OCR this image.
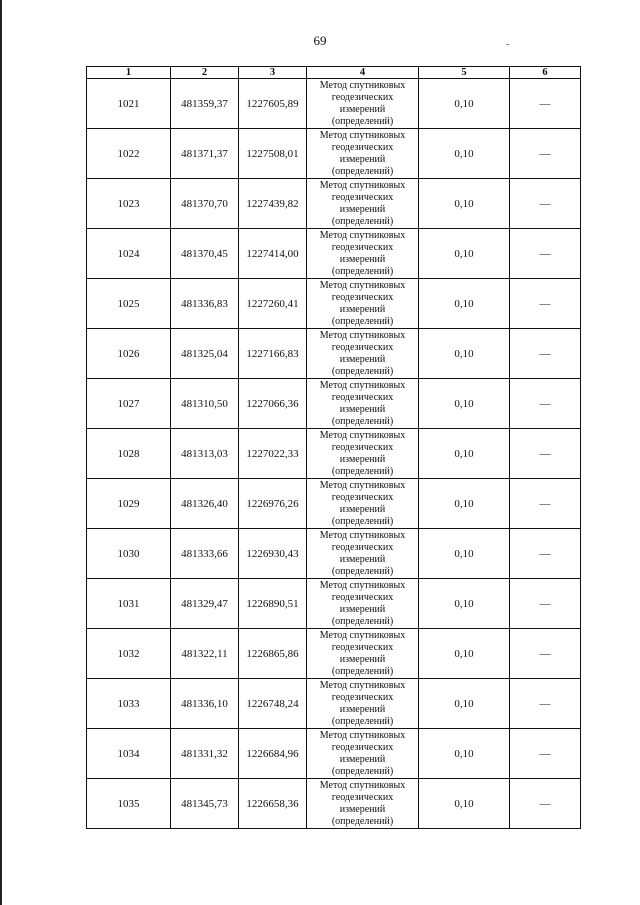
69
1	2	3	4	5	6
1021	481359,37	1227605,89	Метод спутниковых
геодезических
измерений
(определений)	0,10	—
1022	481371,37	1227508,01	Метод спутниковых
геодезических
измерений
(определений)	0,10	—
1023	481370,70	1227439,82	Метод спутниковых
геодезических
измерений
(определений)	0,10	—
1024	481370,45	1227414,00	Метод спутниковых
геодезических
измерений
(определений)	0,10	—
1025	481336,83	1227260,41	Метод спутниковых
геодезических
измерений
(определений)	0,10	—
1026	481325,04	1227166,83	Метод спутниковых
геодезических
измерений
(определений)	0,10	—
1027	481310,50	1227066,36	Метод спутниковых
геодезических
измерений
(определений)	0,10	—
1028	481313,03	1227022,33	Метод спутниковых
геодезических
измерений
(определений)	0,10	—
1029	481326,40	1226976,26	Метод спутниковых
геодезических
измерений
(определений)	0,10	—
1030	481333,66	1226930,43	Метод спутниковых
геодезических
измерений
(определений)	0,10	—
1031	481329,47	1226890,51	Метод спутниковых
геодезических
измерений
(определений)	0,10	—
1032	481322,11	1226865,86	Метод спутниковых
геодезических
измерений
(определений)	0,10	—
1033	481336,10	1226748,24	Метод спутниковых
геодезических
измерений
(определений)	0,10	—
1034	481331,32	1226684,96	Метод спутниковых
геодезических
измерений
(определений)	0,10	—
1035	481345,73	1226658,36	Метод спутниковых
геодезических
измерений
(определений)	0,10	—
